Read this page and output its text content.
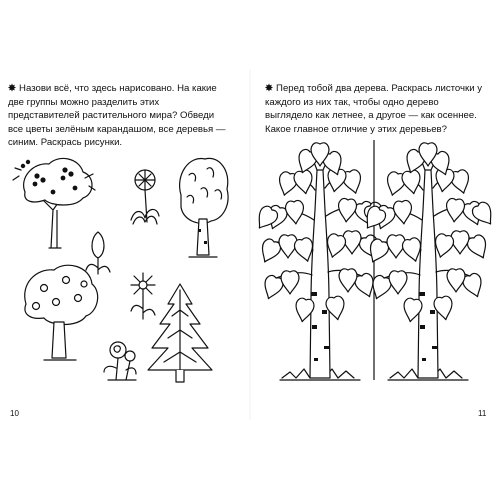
✸ Назови всё, что здесь нарисовано. На какие две группы можно разделить этих представителей растительного мира? Обведи все цветы зелёным карандашом, все деревья — синим. Раскрась рисунки.
✸ Перед тобой два дерева. Раскрась листочки у каждого из них так, чтобы одно дерево выглядело как летнее, а другое — как осеннее. Какое главное отличие у этих деревьев?
10	11
